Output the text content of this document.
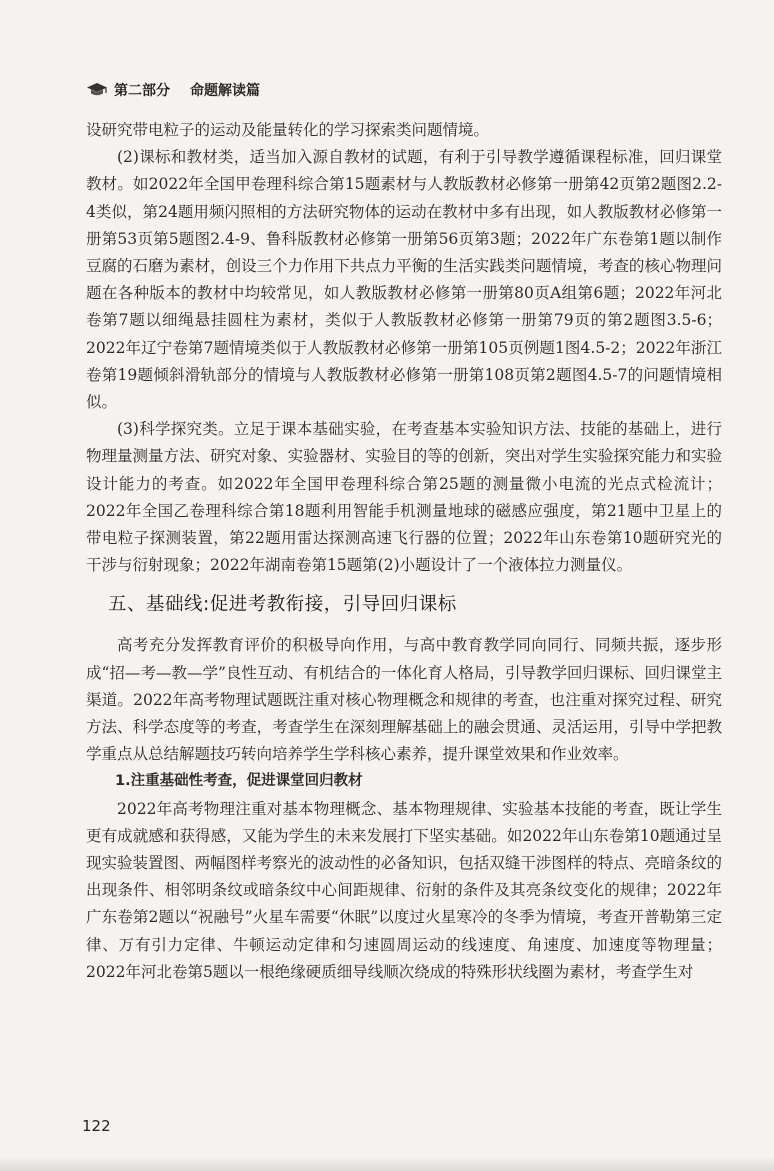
第二部分 命题解读篇

设研究带电粒子的运动及能量转化的学习探索类问题情境。

(2)课标和教材类，适当加入源自教材的试题，有利于引导教学遵循课程标准，回归课堂教材。如2022年全国甲卷理科综合第15题素材与人教版教材必修第一册第42页第2题图2.2-4类似，第24题用频闪照相的方法研究物体的运动在教材中多有出现，如人教版教材必修第一册第53页第5题图2.4-9、鲁科版教材必修第一册第56页第3题；2022年广东卷第1题以制作豆腐的石磨为素材，创设三个力作用下共点力平衡的生活实践类问题情境，考查的核心物理问题在各种版本的教材中均较常见，如人教版教材必修第一册第80页A组第6题；2022年河北卷第7题以细绳悬挂圆柱为素材，类似于人教版教材必修第一册第79页的第2题图3.5-6；2022年辽宁卷第7题情境类似于人教版教材必修第一册第105页例题1图4.5-2；2022年浙江卷第19题倾斜滑轨部分的情境与人教版教材必修第一册第108页第2题图4.5-7的问题情境相似。

(3)科学探究类。立足于课本基础实验，在考查基本实验知识方法、技能的基础上，进行物理量测量方法、研究对象、实验器材、实验目的等的创新，突出对学生实验探究能力和实验设计能力的考查。如2022年全国甲卷理科综合第25题的测量微小电流的光点式检流计；2022年全国乙卷理科综合第18题利用智能手机测量地球的磁感应强度，第21题中卫星上的带电粒子探测装置，第22题用雷达探测高速飞行器的位置；2022年山东卷第10题研究光的干涉与衍射现象；2022年湖南卷第15题第(2)小题设计了一个液体拉力测量仪。

五、基础线:促进考教衔接，引导回归课标

高考充分发挥教育评价的积极导向作用，与高中教育教学同向同行、同频共振，逐步形成“招—考—教—学”良性互动、有机结合的一体化育人格局，引导教学回归课标、回归课堂主渠道。2022年高考物理试题既注重对核心物理概念和规律的考查，也注重对探究过程、研究方法、科学态度等的考查，考查学生在深刻理解基础上的融会贯通、灵活运用，引导中学把教学重点从总结解题技巧转向培养学生学科核心素养，提升课堂效果和作业效率。

1.注重基础性考查，促进课堂回归教材

2022年高考物理注重对基本物理概念、基本物理规律、实验基本技能的考查，既让学生更有成就感和获得感，又能为学生的未来发展打下坚实基础。如2022年山东卷第10题通过呈现实验装置图、两幅图样考察光的波动性的必备知识，包括双缝干涉图样的特点、亮暗条纹的出现条件、相邻明条纹或暗条纹中心间距规律、衍射的条件及其亮条纹变化的规律；2022年广东卷第2题以“祝融号”火星车需要“休眠”以度过火星寒冷的冬季为情境，考查开普勒第三定律、万有引力定律、牛顿运动定律和匀速圆周运动的线速度、角速度、加速度等物理量；2022年河北卷第5题以一根绝缘硬质细导线顺次绕成的特殊形状线圈为素材，考查学生对

122
